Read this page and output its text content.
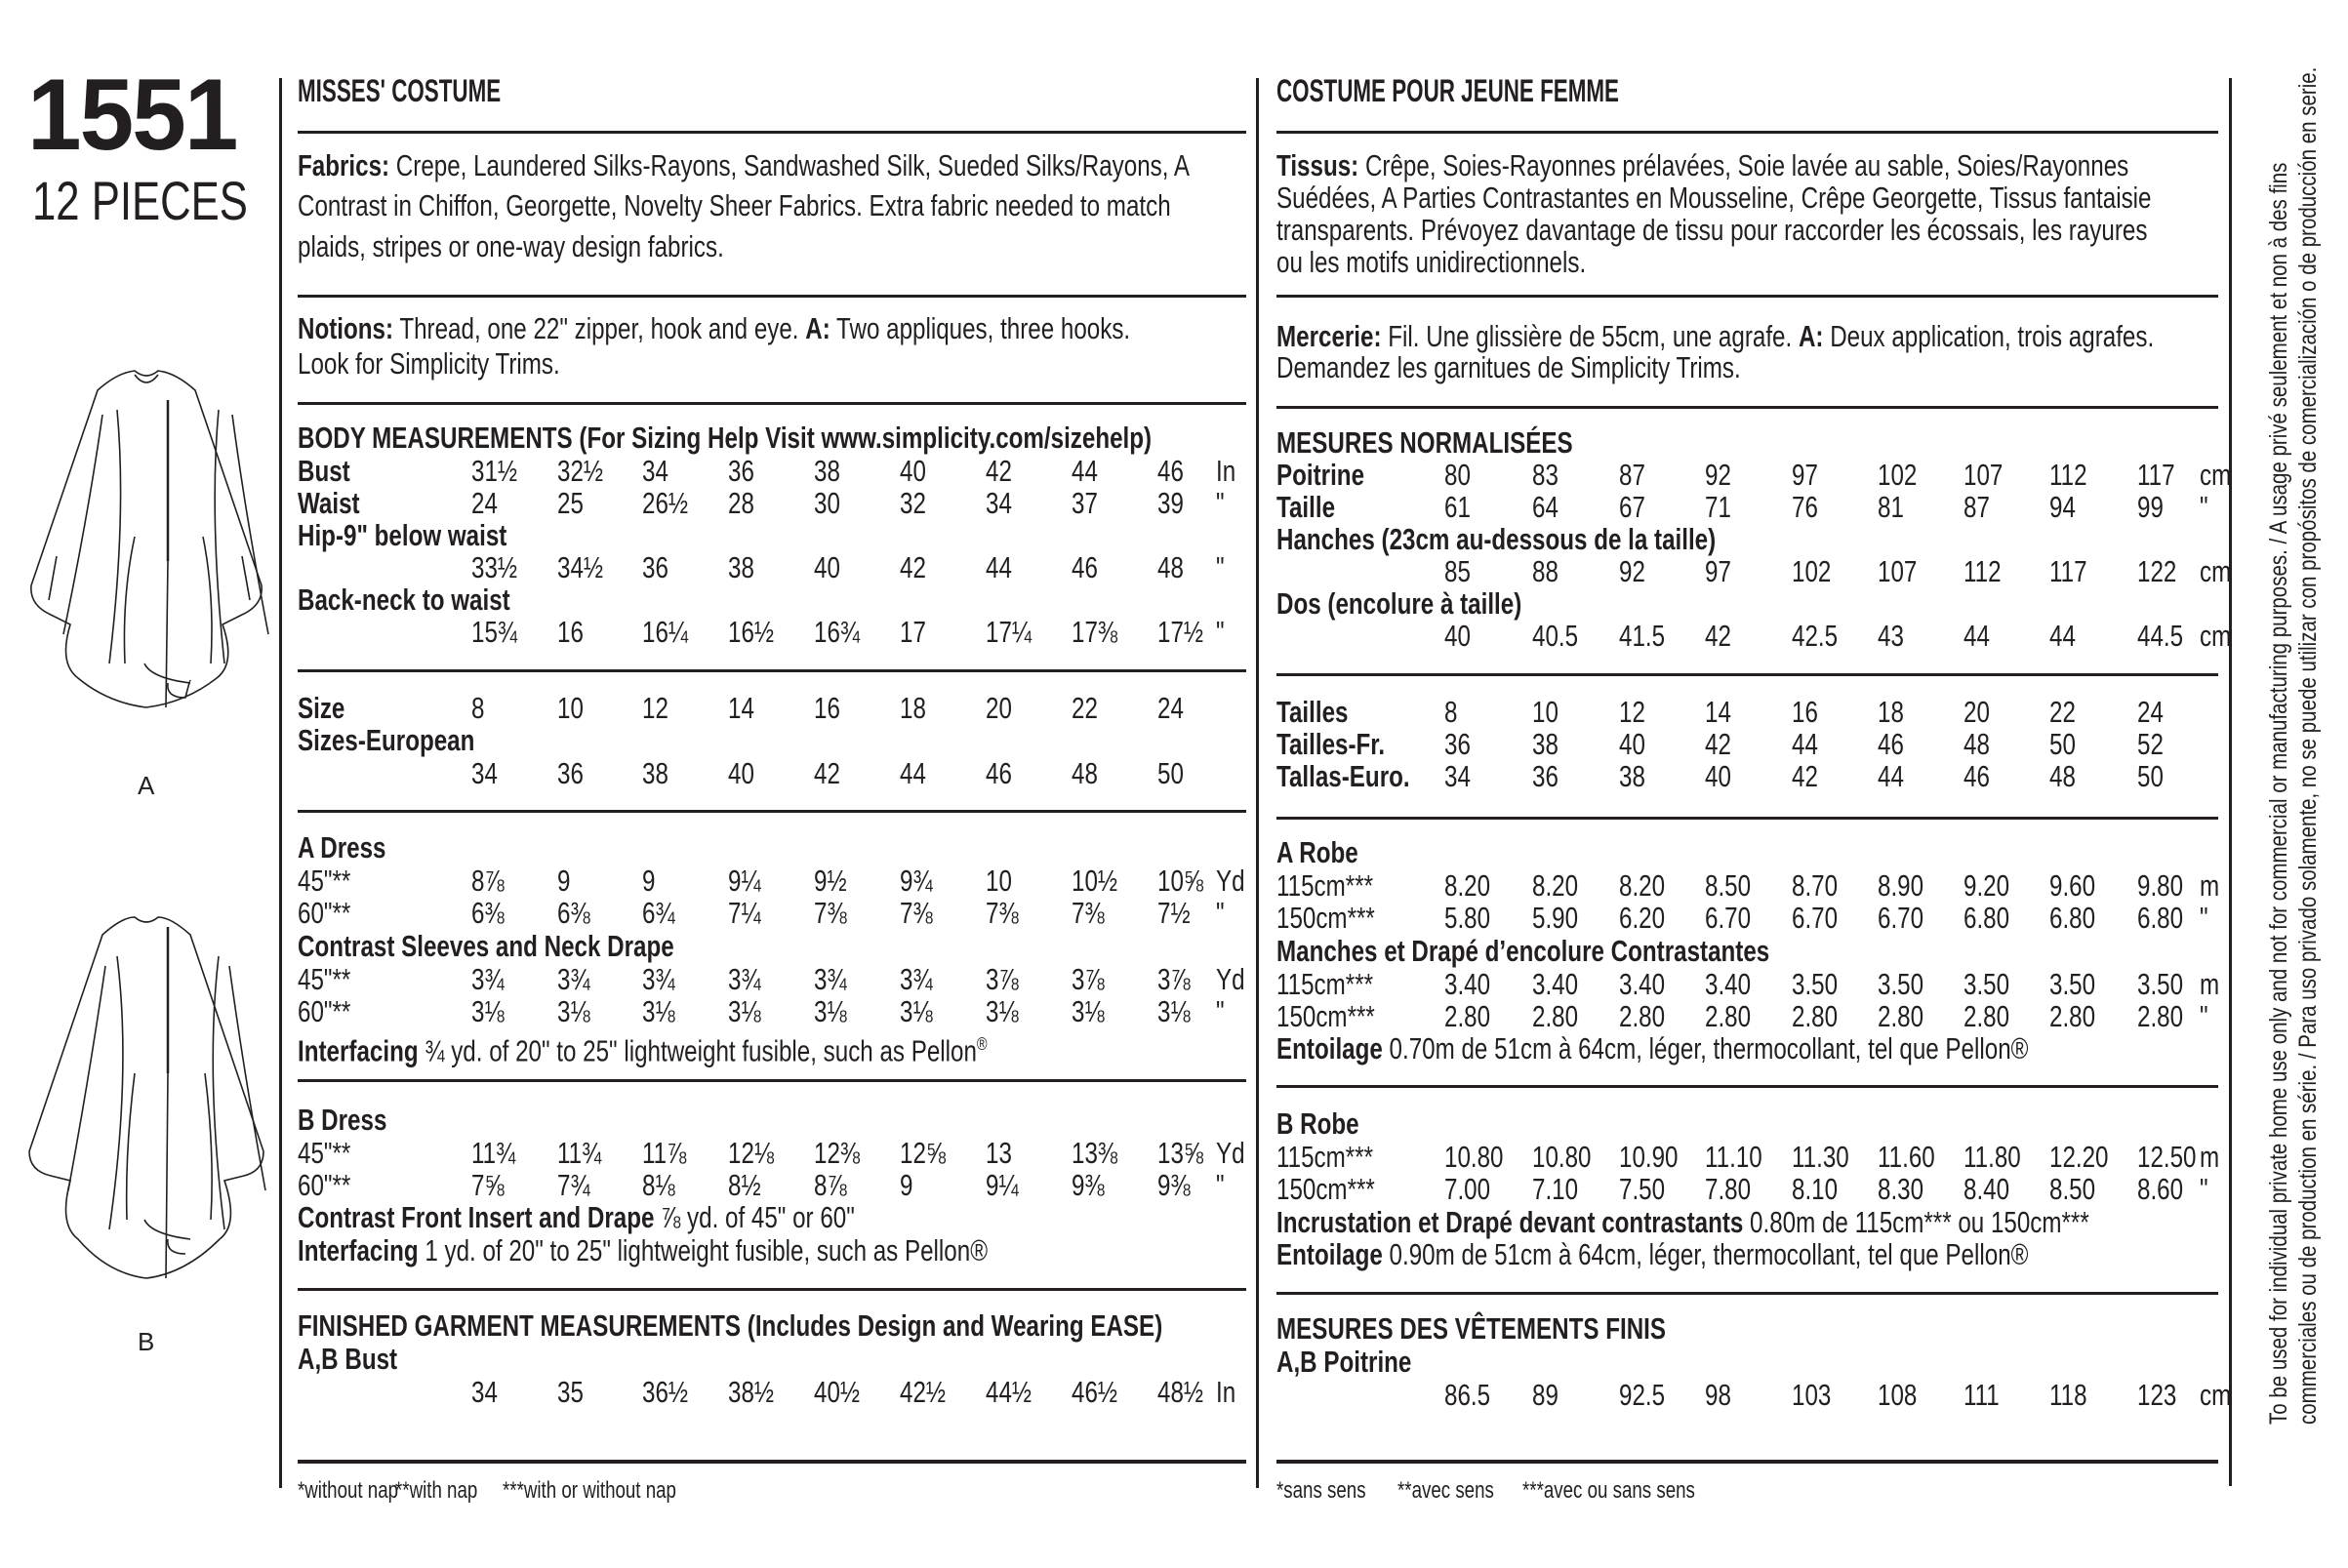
1551
12 PIECES
A
B
MISSES' COSTUME
Fabrics: Crepe, Laundered Silks-Rayons, Sandwashed Silk, Sueded Silks/Rayons, A
Contrast in Chiffon, Georgette, Novelty Sheer Fabrics. Extra fabric needed to match
plaids, stripes or one-way design fabrics.
Notions: Thread, one 22" zipper, hook and eye. A: Two appliques, three hooks.
Look for Simplicity Trims.
BODY MEASUREMENTS (For Sizing Help Visit www.simplicity.com/sizehelp)
Bust	31½ 32½ 34 36 38 40 42 44 46 In
Waist	24 25 26½ 28 30 32 34 37 39 "
Hip-9" below waist
33½ 34½ 36 38 40 42 44 46 48 "
Back-neck to waist
15¾ 16 16¼ 16½ 16¾ 17 17¼ 17⅜ 17½ "
Size	8 10 12 14 16 18 20 22 24
Sizes-European
34 36 38 40 42 44 46 48 50
A Dress
45"**	8⅞ 9 9 9¼ 9½ 9¾ 10 10½ 10⅝ Yd
60"**	6⅜ 6⅜ 6¾ 7¼ 7⅜ 7⅜ 7⅜ 7⅜ 7½ "
Contrast Sleeves and Neck Drape
45"**	3¾ 3¾ 3¾ 3¾ 3¾ 3¾ 3⅞ 3⅞ 3⅞ Yd
60"**	3⅛ 3⅛ 3⅛ 3⅛ 3⅛ 3⅛ 3⅛ 3⅛ 3⅛ "
Interfacing ¾ yd. of 20" to 25" lightweight fusible, such as Pellon®
B Dress
45"**	11¾ 11¾ 11⅞ 12⅛ 12⅜ 12⅝ 13 13⅜ 13⅝ Yd
60"**	7⅝ 7¾ 8⅛ 8½ 8⅞ 9 9¼ 9⅜ 9⅜ "
Contrast Front Insert and Drape ⅞ yd. of 45" or 60"
Interfacing 1 yd. of 20" to 25" lightweight fusible, such as Pellon®
FINISHED GARMENT MEASUREMENTS (Includes Design and Wearing EASE)
A,B Bust
34 35 36½ 38½ 40½ 42½ 44½ 46½ 48½ In
*without nap
**with nap ***with or without nap
COSTUME POUR JEUNE FEMME
Tissus: Crêpe, Soies-Rayonnes prélavées, Soie lavée au sable, Soies/Rayonnes
Suédées, A Parties Contrastantes en Mousseline, Crêpe Georgette, Tissus fantaisie
transparents. Prévoyez davantage de tissu pour raccorder les écossais, les rayures
ou les motifs unidirectionnels.
Mercerie: Fil. Une glissière de 55cm, une agrafe. A: Deux application, trois agrafes.
Demandez les garnitues de Simplicity Trims.
MESURES NORMALISÉES
Poitrine	80 83 87 92 97 102 107 112 117 cm
Taille	61 64 67 71 76 81 87 94 99 "
Hanches (23cm au-dessous de la taille)
85 88 92 97 102 107 112 117 122 cm
Dos (encolure à taille)
40 40.5 41.5 42 42.5 43 44 44 44.5 cm
Tailles	8 10 12 14 16 18 20 22 24
Tailles-Fr. 36 38 40 42 44 46 48 50 52
Tallas-Euro. 34 36 38 40 42 44 46 48 50
A Robe
115cm*** 8.20 8.20 8.20 8.50 8.70 8.90 9.20 9.60 9.80 m
150cm*** 5.80 5.90 6.20 6.70 6.70 6.70 6.80 6.80 6.80 "
Manches et Drapé d’encolure Contrastantes
115cm*** 3.40 3.40 3.40 3.40 3.50 3.50 3.50 3.50 3.50 m
150cm*** 2.80 2.80 2.80 2.80 2.80 2.80 2.80 2.80 2.80 "
Entoilage 0.70m de 51cm à 64cm, léger, thermocollant, tel que Pellon®
B Robe
115cm*** 10.80 10.80 10.90 11.10 11.30 11.60 11.80 12.20 12.50 m
150cm*** 7.00 7.10 7.50 7.80 8.10 8.30 8.40 8.50 8.60 "
Incrustation et Drapé devant contrastants 0.80m de 115cm*** ou 150cm***
Entoilage 0.90m de 51cm à 64cm, léger, thermocollant, tel que Pellon®
MESURES DES VÊTEMENTS FINIS
A,B Poitrine
86.5 89 92.5 98 103 108 111 118 123 cm
*sans sens **avec sens ***avec ou sans sens
To be used for individual private home use only and not for commercial or manufacturing purposes. / A usage privé seulement et non à des fins commerciales ou de production en série. / Para uso privado solamente, no se puede utilizar con propósitos de comercialización o de producción en serie.
